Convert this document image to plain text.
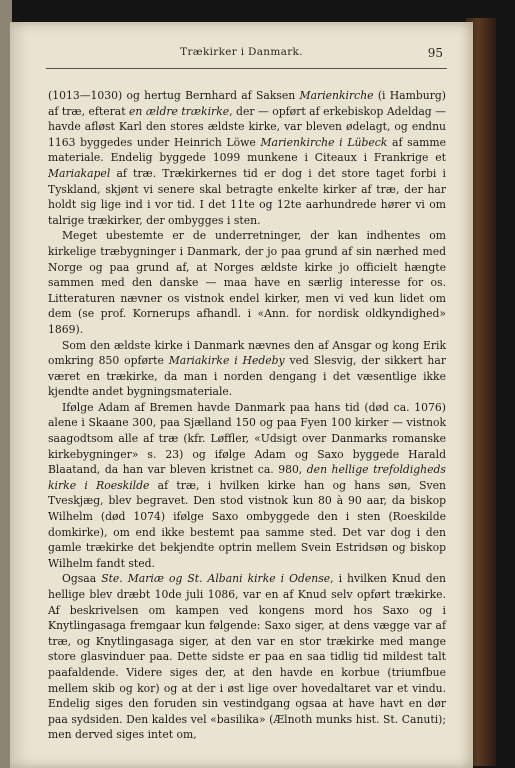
Trækirker i Danmark.	95

(1013—1030) og hertug Bernhard af Saksen Marienkirche (i Hamburg) af træ, efterat en ældre trækirke, der — opført af erkebiskop Adeldag — havde afløst Karl den stores ældste kirke, var bleven ødelagt, og endnu 1163 byggedes under Heinrich Löwe Marienkirche i Lübeck af samme materiale. Endelig byggede 1099 munkene i Citeaux i Frankrige et Mariakapel af træ. Trækirkernes tid er dog i det store taget forbi i Tyskland, skjønt vi senere skal betragte enkelte kirker af træ, der har holdt sig lige ind i vor tid. I det 11te og 12te aarhundrede hører vi om talrige trækirker, der ombygges i sten.

Meget ubestemte er de underretninger, der kan indhentes om kirkelige træbygninger i Danmark, der jo paa grund af sin nærhed med Norge og paa grund af, at Norges ældste kirke jo officielt hængte sammen med den danske — maa have en særlig interesse for os. Litteraturen nævner os vistnok endel kirker, men vi ved kun lidet om dem (se prof. Kornerups afhandl. i «Ann. for nordisk oldkyndighed» 1869).

Som den ældste kirke i Danmark nævnes den af Ansgar og kong Erik omkring 850 opførte Mariakirke i Hedeby ved Slesvig, der sikkert har været en trækirke, da man i norden dengang i det væsentlige ikke kjendte andet bygningsmateriale.

Ifølge Adam af Bremen havde Danmark paa hans tid (død ca. 1076) alene i Skaane 300, paa Sjælland 150 og paa Fyen 100 kirker — vistnok saagodtsom alle af træ (kfr. Løffler, «Udsigt over Danmarks romanske kirkebygninger» s. 23) og ifølge Adam og Saxo byggede Harald Blaatand, da han var bleven kristnet ca. 980, den hellige trefoldigheds kirke i Roeskilde af træ, i hvilken kirke han og hans søn, Sven Tveskjæg, blev begravet. Den stod vistnok kun 80 à 90 aar, da biskop Wilhelm (død 1074) ifølge Saxo ombyggede den i sten (Roeskilde domkirke), om end ikke bestemt paa samme sted. Det var dog i den gamle trækirke det bekjendte optrin mellem Svein Estridsøn og biskop Wilhelm fandt sted.

Ogsaa Ste. Mariæ og St. Albani kirke i Odense, i hvilken Knud den hellige blev dræbt 10de juli 1086, var en af Knud selv opført trækirke. Af beskrivelsen om kampen ved kongens mord hos Saxo og i Knytlingasaga fremgaar kun følgende: Saxo siger, at dens vægge var af træ, og Knytlingasaga siger, at den var en stor trækirke med mange store glasvinduer paa. Dette sidste er paa en saa tidlig tid mildest talt paafaldende. Videre siges der, at den havde en korbue (triumfbue mellem skib og kor) og at der i øst lige over hovedaltaret var et vindu. Endelig siges den foruden sin vestindgang ogsaa at have havt en dør paa sydsiden. Den kaldes vel «basilika» (Ælnoth munks hist. St. Canuti); men derved siges intet om,
